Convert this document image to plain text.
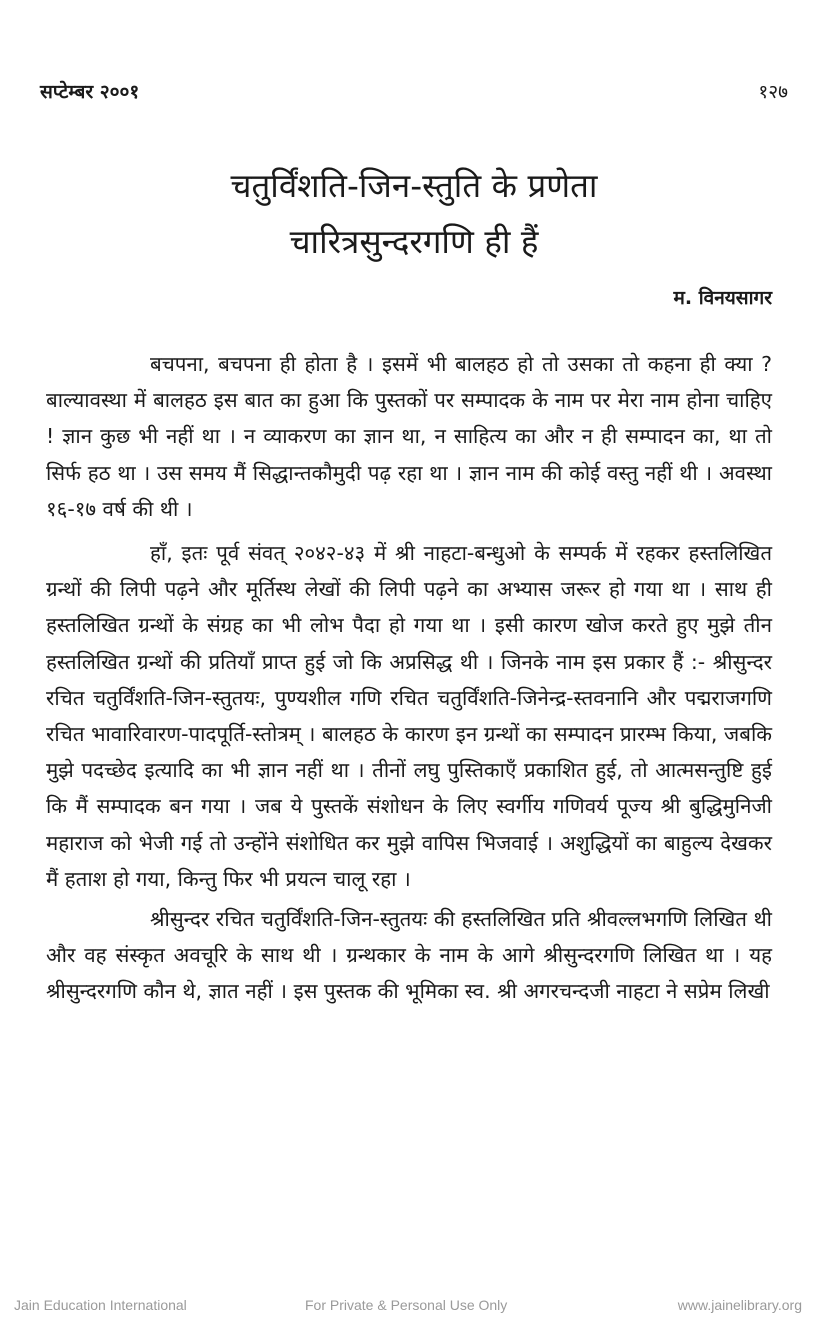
सप्टेम्बर २००१	१२७
चतुर्विंशति-जिन-स्तुति के प्रणेता
चारित्रसुन्दरगणि ही हैं
म. विनयसागर

बचपना, बचपना ही होता है । इसमें भी बालहठ हो तो उसका तो कहना ही क्या ? बाल्यावस्था में बालहठ इस बात का हुआ कि पुस्तकों पर सम्पादक के नाम पर मेरा नाम होना चाहिए ! ज्ञान कुछ भी नहीं था । न व्याकरण का ज्ञान था, न साहित्य का और न ही सम्पादन का, था तो सिर्फ हठ था । उस समय मैं सिद्धान्तकौमुदी पढ़ रहा था । ज्ञान नाम की कोई वस्तु नहीं थी । अवस्था १६-१७ वर्ष की थी ।

हाँ, इतः पूर्व संवत् २०४२-४३ में श्री नाहटा-बन्धुओ के सम्पर्क में रहकर हस्तलिखित ग्रन्थों की लिपी पढ़ने और मूर्तिस्थ लेखों की लिपी पढ़ने का अभ्यास जरूर हो गया था । साथ ही हस्तलिखित ग्रन्थों के संग्रह का भी लोभ पैदा हो गया था । इसी कारण खोज करते हुए मुझे तीन हस्तलिखित ग्रन्थों की प्रतियाँ प्राप्त हुई जो कि अप्रसिद्ध थी । जिनके नाम इस प्रकार हैं :- श्रीसुन्दर रचित चतुर्विंशति-जिन-स्तुतयः, पुण्यशील गणि रचित चतुर्विंशति-जिनेन्द्र-स्तवनानि और पद्मराजगणि रचित भावारिवारण-पादपूर्ति-स्तोत्रम् । बालहठ के कारण इन ग्रन्थों का सम्पादन प्रारम्भ किया, जबकि मुझे पदच्छेद इत्यादि का भी ज्ञान नहीं था । तीनों लघु पुस्तिकाएँ प्रकाशित हुई, तो आत्मसन्तुष्टि हुई कि मैं सम्पादक बन गया । जब ये पुस्तकें संशोधन के लिए स्वर्गीय गणिवर्य पूज्य श्री बुद्धिमुनिजी महाराज को भेजी गई तो उन्होंने संशोधित कर मुझे वापिस भिजवाई । अशुद्धियों का बाहुल्य देखकर मैं हताश हो गया, किन्तु फिर भी प्रयत्न चालू रहा ।

श्रीसुन्दर रचित चतुर्विंशति-जिन-स्तुतयः की हस्तलिखित प्रति श्रीवल्लभगणि लिखित थी और वह संस्कृत अवचूरि के साथ थी । ग्रन्थकार के नाम के आगे श्रीसुन्दरगणि लिखित था । यह श्रीसुन्दरगणि कौन थे, ज्ञात नहीं । इस पुस्तक की भूमिका स्व. श्री अगरचन्दजी नाहटा ने सप्रेम लिखी

Jain Education International	For Private & Personal Use Only	www.jainelibrary.org
